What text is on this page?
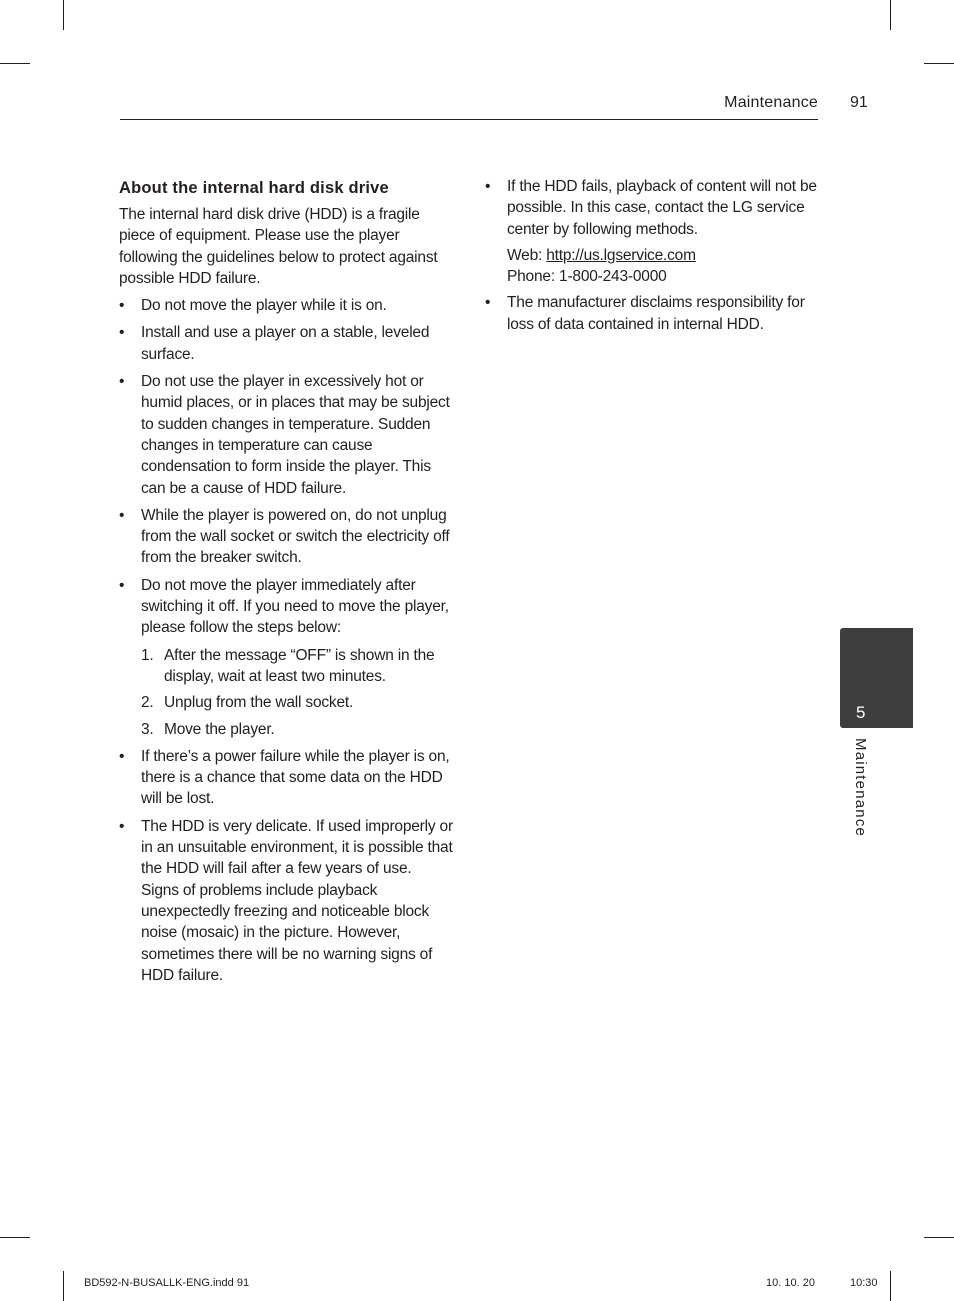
Maintenance 91
About the internal hard disk drive

The internal hard disk drive (HDD) is a fragile piece of equipment. Please use the player following the guidelines below to protect against possible HDD failure.

• Do not move the player while it is on.
• Install and use a player on a stable, leveled surface.
• Do not use the player in excessively hot or humid places, or in places that may be subject to sudden changes in temperature. Sudden changes in temperature can cause condensation to form inside the player. This can be a cause of HDD failure.
• While the player is powered on, do not unplug from the wall socket or switch the electricity off from the breaker switch.
• Do not move the player immediately after switching it off. If you need to move the player, please follow the steps below:
1. After the message “OFF” is shown in the display, wait at least two minutes.
2. Unplug from the wall socket.
3. Move the player.
• If there’s a power failure while the player is on, there is a chance that some data on the HDD will be lost.
• The HDD is very delicate. If used improperly or in an unsuitable environment, it is possible that the HDD will fail after a few years of use. Signs of problems include playback unexpectedly freezing and noticeable block noise (mosaic) in the picture. However, sometimes there will be no warning signs of HDD failure.
• If the HDD fails, playback of content will not be possible. In this case, contact the LG service center by following methods.
Web: http://us.lgservice.com
Phone: 1-800-243-0000
• The manufacturer disclaims responsibility for loss of data contained in internal HDD.
5
Maintenance
BD592-N-BUSALLK-ENG.indd 91	10. 10. 20	10:30
